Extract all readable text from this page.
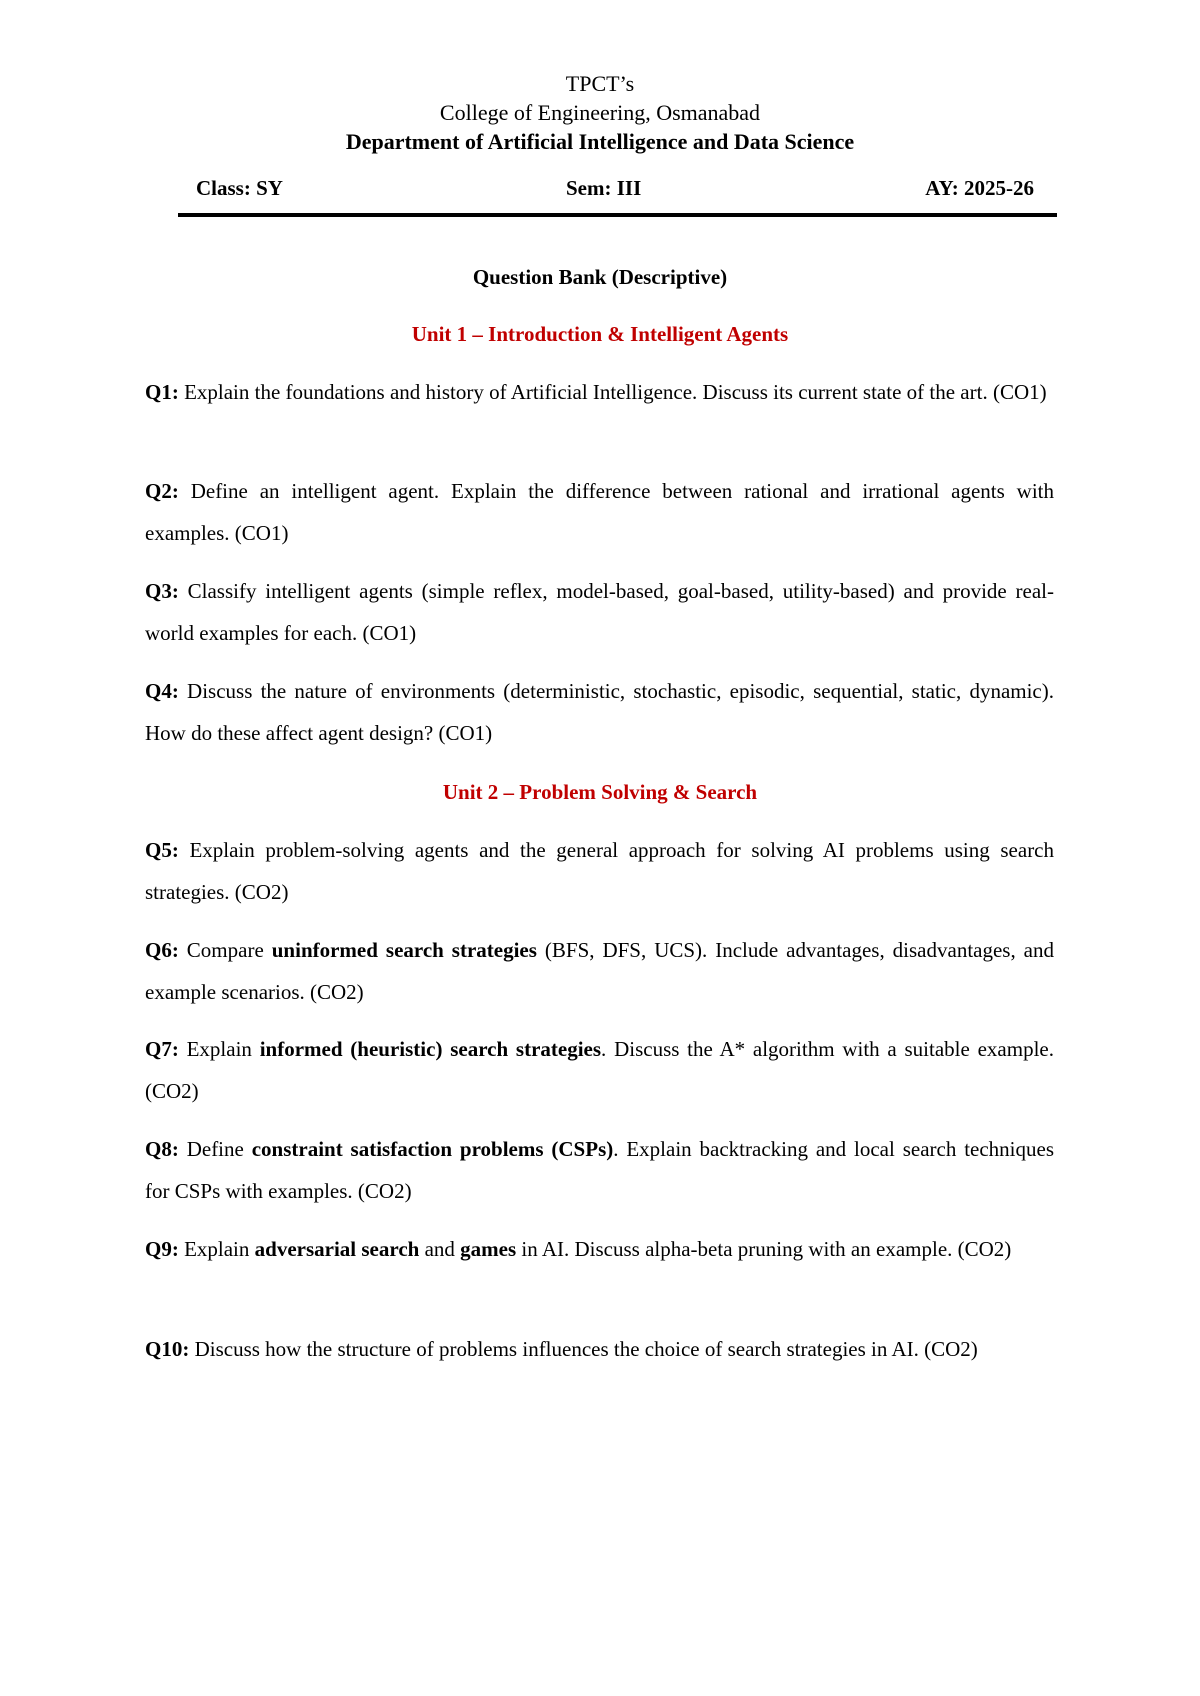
TPCT’s
College of Engineering, Osmanabad
Department of Artificial Intelligence and Data Science
Class: SY	Sem: III	AY: 2025-26
Question Bank (Descriptive)
Unit 1 – Introduction & Intelligent Agents
Q1: Explain the foundations and history of Artificial Intelligence. Discuss its current state of the art. (CO1)
Q2: Define an intelligent agent. Explain the difference between rational and irrational agents with examples. (CO1)
Q3: Classify intelligent agents (simple reflex, model-based, goal-based, utility-based) and provide real-world examples for each. (CO1)
Q4: Discuss the nature of environments (deterministic, stochastic, episodic, sequential, static, dynamic). How do these affect agent design? (CO1)
Unit 2 – Problem Solving & Search
Q5: Explain problem-solving agents and the general approach for solving AI problems using search strategies. (CO2)
Q6: Compare uninformed search strategies (BFS, DFS, UCS). Include advantages, disadvantages, and example scenarios. (CO2)
Q7: Explain informed (heuristic) search strategies. Discuss the A* algorithm with a suitable example. (CO2)
Q8: Define constraint satisfaction problems (CSPs). Explain backtracking and local search techniques for CSPs with examples. (CO2)
Q9: Explain adversarial search and games in AI. Discuss alpha-beta pruning with an example. (CO2)
Q10: Discuss how the structure of problems influences the choice of search strategies in AI. (CO2)
